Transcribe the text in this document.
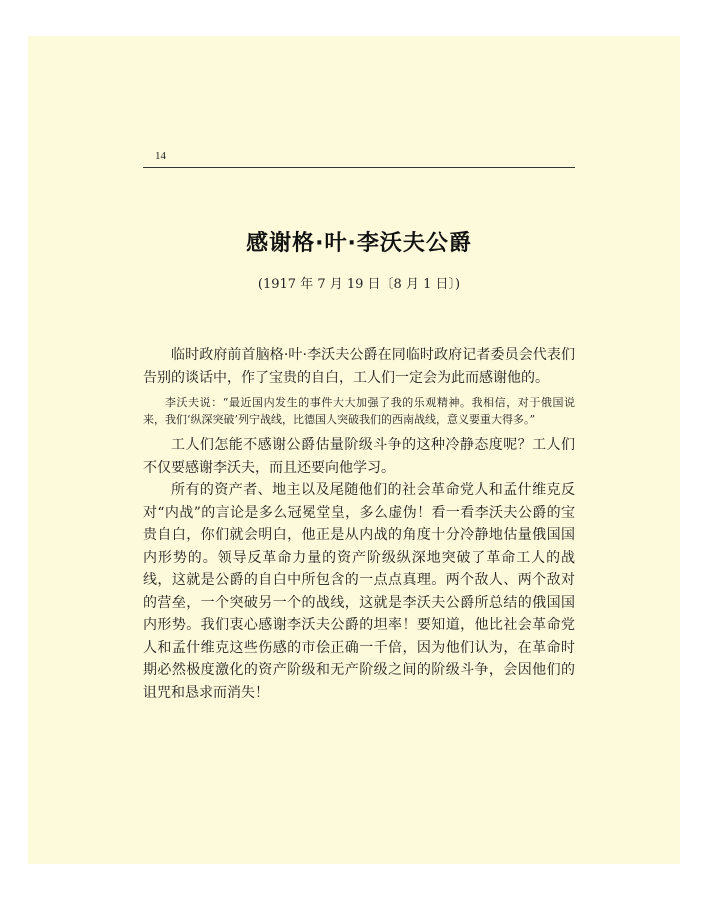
14
感谢格·叶·李沃夫公爵
(1917 年 7 月 19 日〔8 月 1 日〕)

临时政府前首脑格·叶·李沃夫公爵在同临时政府记者委员会代表们告别的谈话中，作了宝贵的自白，工人们一定会为此而感谢他的。

李沃夫说：“最近国内发生的事件大大加强了我的乐观精神。我相信，对于俄国说来，我们‘纵深突破’列宁战线，比德国人突破我们的西南战线，意义要重大得多。”

工人们怎能不感谢公爵估量阶级斗争的这种冷静态度呢？工人们不仅要感谢李沃夫，而且还要向他学习。

所有的资产者、地主以及尾随他们的社会革命党人和孟什维克反对“内战”的言论是多么冠冕堂皇，多么虚伪！看一看李沃夫公爵的宝贵自白，你们就会明白，他正是从内战的角度十分冷静地估量俄国国内形势的。领导反革命力量的资产阶级纵深地突破了革命工人的战线，这就是公爵的自白中所包含的一点点真理。两个敌人、两个敌对的营垒，一个突破另一个的战线，这就是李沃夫公爵所总结的俄国国内形势。我们衷心感谢李沃夫公爵的坦率！要知道，他比社会革命党人和孟什维克这些伤感的市侩正确一千倍，因为他们认为，在革命时期必然极度激化的资产阶级和无产阶级之间的阶级斗争，会因他们的诅咒和恳求而消失！
